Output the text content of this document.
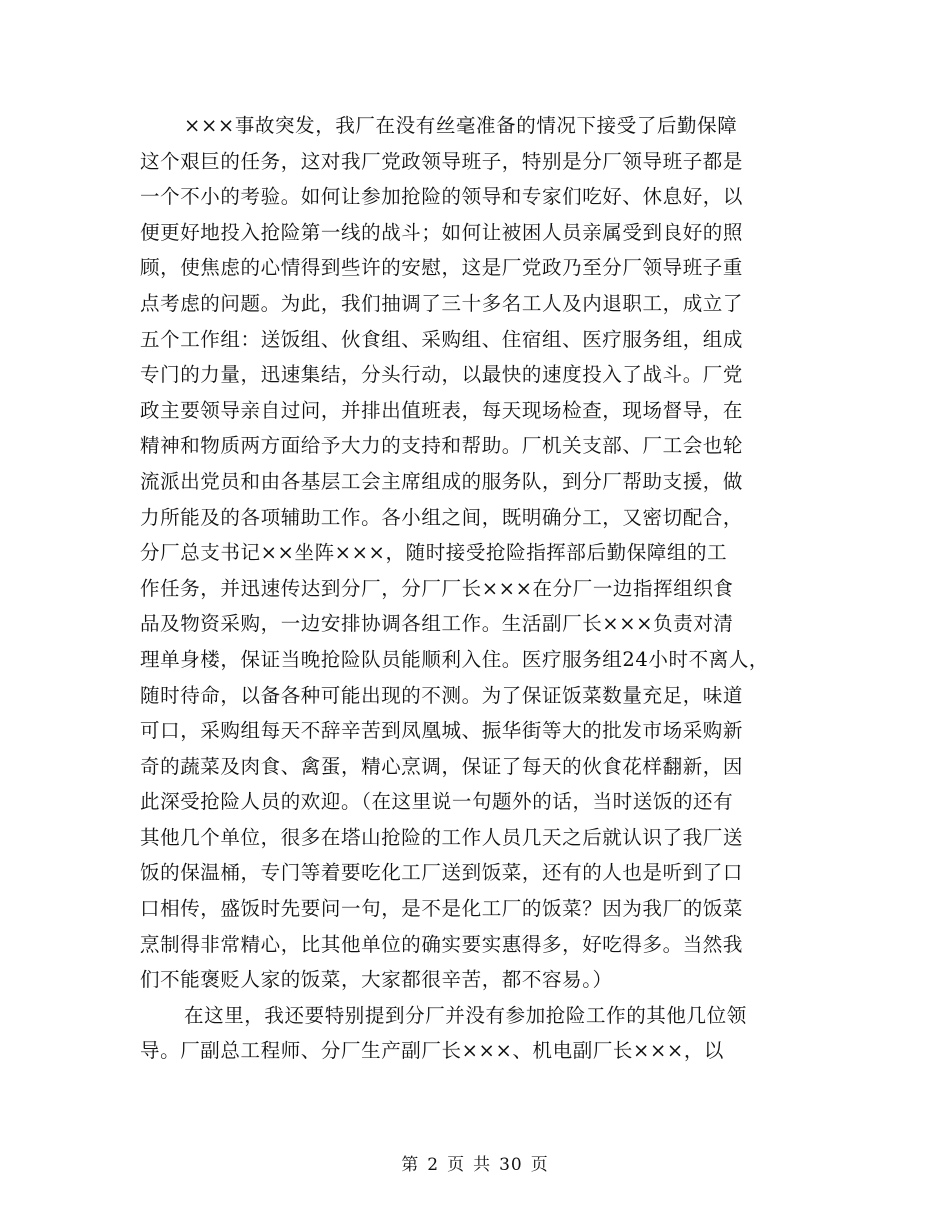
×××事故突发，我厂在没有丝毫准备的情况下接受了后勤保障
这个艰巨的任务，这对我厂党政领导班子，特别是分厂领导班子都是
一个不小的考验。如何让参加抢险的领导和专家们吃好、休息好，以
便更好地投入抢险第一线的战斗；如何让被困人员亲属受到良好的照
顾，使焦虑的心情得到些许的安慰，这是厂党政乃至分厂领导班子重
点考虑的问题。为此，我们抽调了三十多名工人及内退职工，成立了
五个工作组：送饭组、伙食组、采购组、住宿组、医疗服务组，组成
专门的力量，迅速集结，分头行动，以最快的速度投入了战斗。厂党
政主要领导亲自过问，并排出值班表，每天现场检查，现场督导，在
精神和物质两方面给予大力的支持和帮助。厂机关支部、厂工会也轮
流派出党员和由各基层工会主席组成的服务队，到分厂帮助支援，做
力所能及的各项辅助工作。各小组之间，既明确分工，又密切配合，
分厂总支书记××坐阵×××，随时接受抢险指挥部后勤保障组的工
作任务，并迅速传达到分厂，分厂厂长×××在分厂一边指挥组织食
品及物资采购，一边安排协调各组工作。生活副厂长×××负责对清
理单身楼，保证当晚抢险队员能顺利入住。医疗服务组24小时不离人，
随时待命，以备各种可能出现的不测。为了保证饭菜数量充足，味道
可口，采购组每天不辞辛苦到凤凰城、振华街等大的批发市场采购新
奇的蔬菜及肉食、禽蛋，精心烹调，保证了每天的伙食花样翻新，因
此深受抢险人员的欢迎。（在这里说一句题外的话，当时送饭的还有
其他几个单位，很多在塔山抢险的工作人员几天之后就认识了我厂送
饭的保温桶，专门等着要吃化工厂送到饭菜，还有的人也是听到了口
口相传，盛饭时先要问一句，是不是化工厂的饭菜？因为我厂的饭菜
烹制得非常精心，比其他单位的确实要实惠得多，好吃得多。当然我
们不能褒贬人家的饭菜，大家都很辛苦，都不容易。）
在这里，我还要特别提到分厂并没有参加抢险工作的其他几位领
导。厂副总工程师、分厂生产副厂长×××、机电副厂长×××，以
第 2 页 共 30 页
